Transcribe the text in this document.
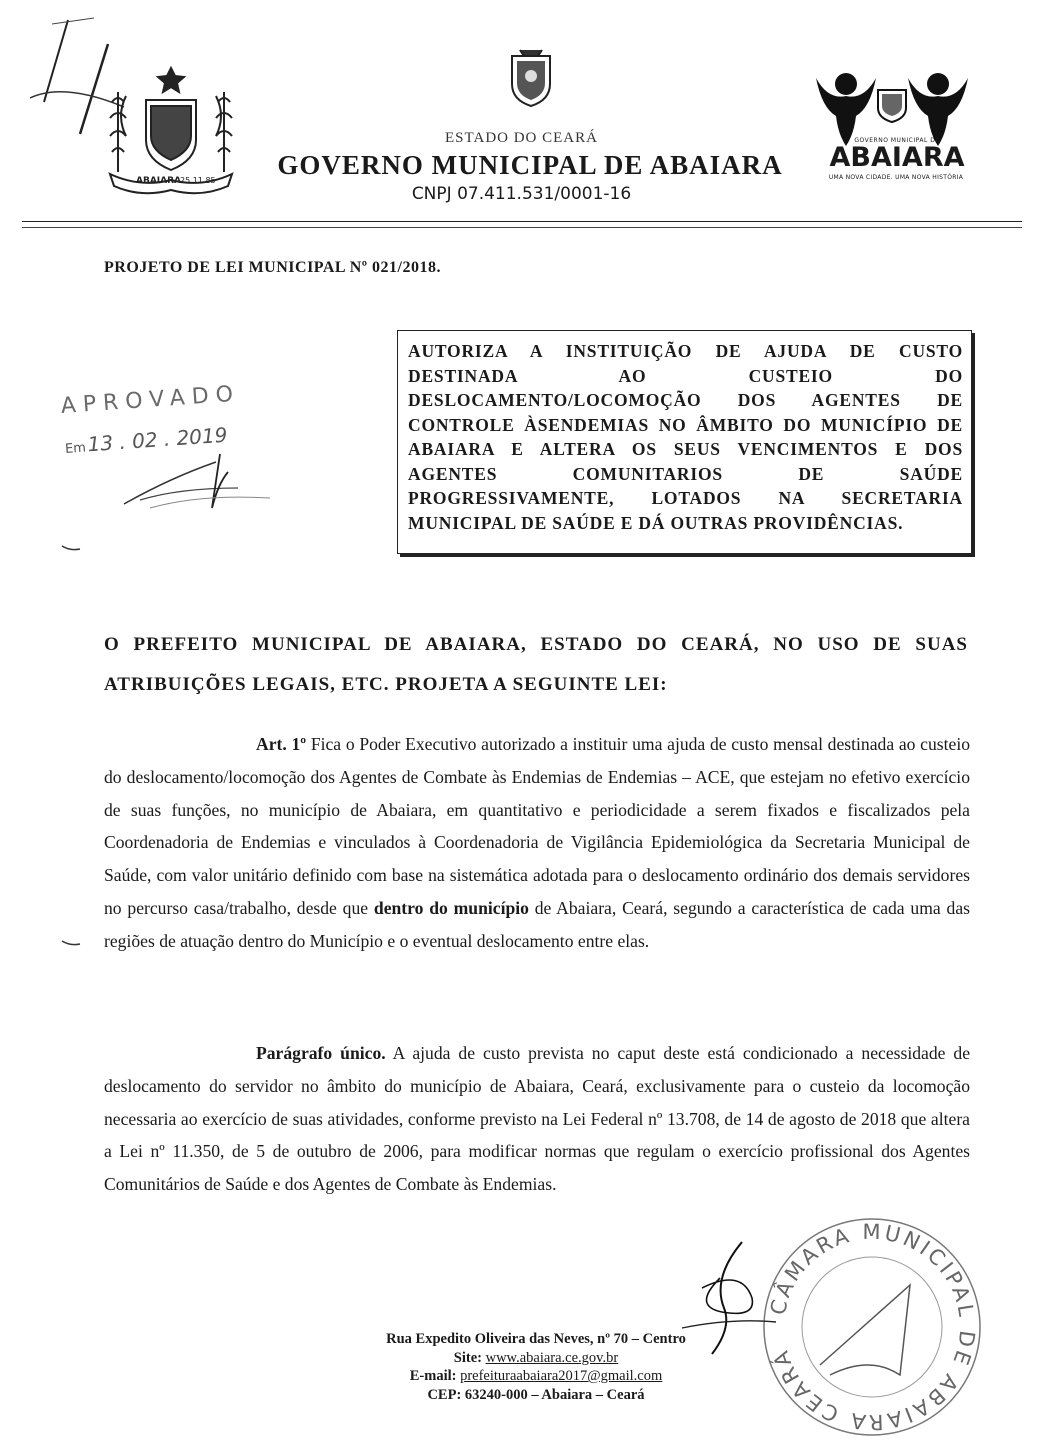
ABAIARA 25.11.85
ESTADO DO CEARÁ
GOVERNO MUNICIPAL DE ABAIARA
CNPJ 07.411.531/0001-16
GOVERNO MUNICIPAL DE
ABAIARA
UMA NOVA CIDADE. UMA NOVA HISTÓRIA
PROJETO DE LEI MUNICIPAL Nº 021/2018.
AUTORIZA A INSTITUIÇÃO DE AJUDA DE CUSTO DESTINADA AO CUSTEIO DO DESLOCAMENTO/LOCOMOÇÃO DOS AGENTES DE CONTROLE ÀSENDEMIAS NO ÂMBITO DO MUNICÍPIO DE ABAIARA E ALTERA OS SEUS VENCIMENTOS E DOS AGENTES COMUNITARIOS DE SAÚDE PROGRESSIVAMENTE, LOTADOS NA SECRETARIA MUNICIPAL DE SAÚDE E DÁ OUTRAS PROVIDÊNCIAS.
APROVADO
Em13 . 02 . 2019
O PREFEITO MUNICIPAL DE ABAIARA, ESTADO DO CEARÁ, NO USO DE SUAS ATRIBUIÇÕES LEGAIS, ETC. PROJETA A SEGUINTE LEI:
Art. 1º Fica o Poder Executivo autorizado a instituir uma ajuda de custo mensal destinada ao custeio do deslocamento/locomoção dos Agentes de Combate às Endemias de Endemias – ACE, que estejam no efetivo exercício de suas funções, no município de Abaiara, em quantitativo e periodicidade a serem fixados e fiscalizados pela Coordenadoria de Endemias e vinculados à Coordenadoria de Vigilância Epidemiológica da Secretaria Municipal de Saúde, com valor unitário definido com base na sistemática adotada para o deslocamento ordinário dos demais servidores no percurso casa/trabalho, desde que dentro do município de Abaiara, Ceará, segundo a característica de cada uma das regiões de atuação dentro do Município e o eventual deslocamento entre elas.
Parágrafo único. A ajuda de custo prevista no caput deste está condicionado a necessidade de deslocamento do servidor no âmbito do município de Abaiara, Ceará, exclusivamente para o custeio da locomoção necessaria ao exercício de suas atividades, conforme previsto na Lei Federal nº 13.708, de 14 de agosto de 2018 que altera a Lei nº 11.350, de 5 de outubro de 2006, para modificar normas que regulam o exercício profissional dos Agentes Comunitários de Saúde e dos Agentes de Combate às Endemias.
CÂMARA MUNICIPAL DE ABAIARA CEARÁ
Rua Expedito Oliveira das Neves, nº 70 – Centro
Site: www.abaiara.ce.gov.br
E-mail: prefeituraabaiara2017@gmail.com
CEP: 63240-000 – Abaiara – Ceará
